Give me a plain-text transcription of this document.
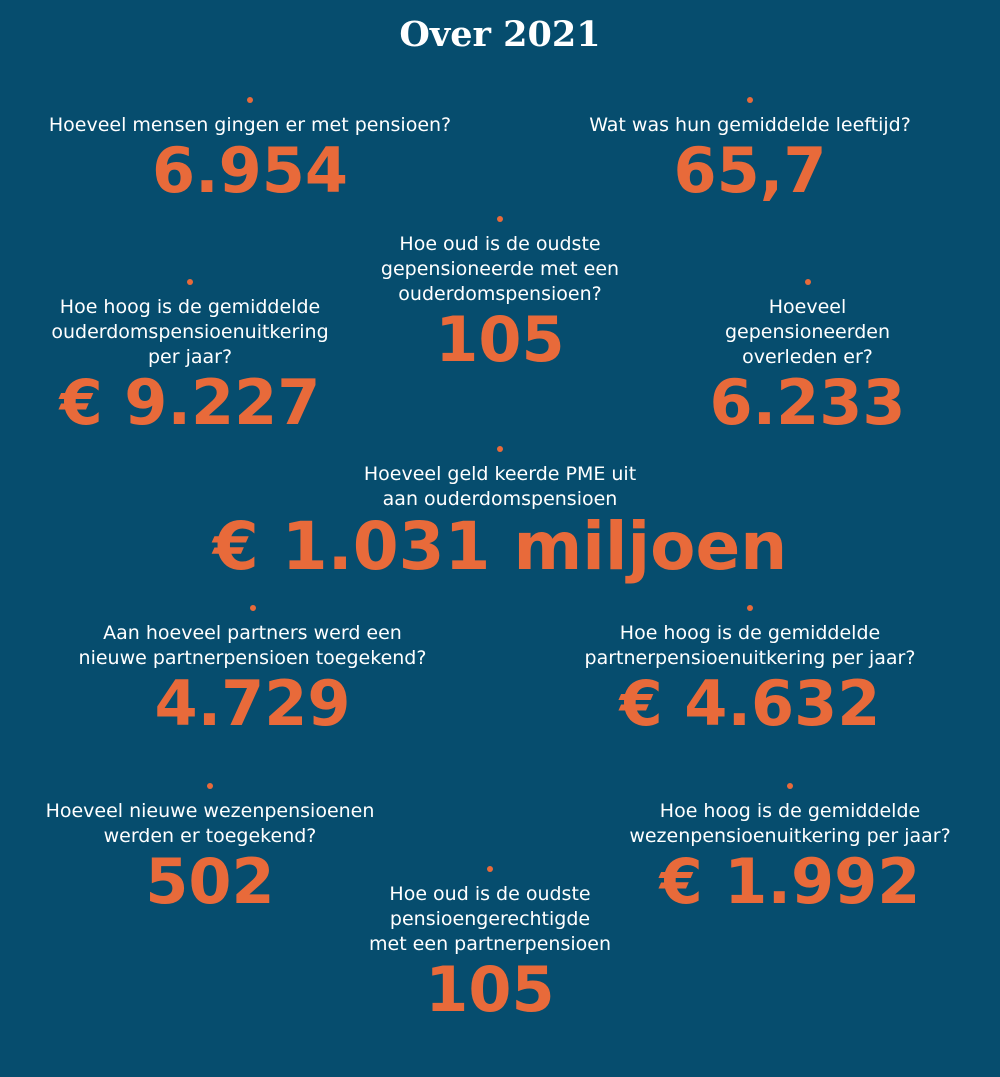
Over 2021
Hoeveel mensen gingen er met pensioen?
6.954
Wat was hun gemiddelde leeftijd?
65,7
Hoe oud is de oudste
gepensioneerde met een
ouderdomspensioen?
105
Hoe hoog is de gemiddelde
ouderdomspensioenuitkering
per jaar?
€ 9.227
Hoeveel
gepensioneerden
overleden er?
6.233
Hoeveel geld keerde PME uit
aan ouderdomspensioen
€ 1.031 miljoen
Aan hoeveel partners werd een
nieuwe partnerpensioen toegekend?
4.729
Hoe hoog is de gemiddelde
partnerpensioenuitkering per jaar?
€ 4.632
Hoeveel nieuwe wezenpensioenen
werden er toegekend?
502
Hoe hoog is de gemiddelde
wezenpensioenuitkering per jaar?
€ 1.992
Hoe oud is de oudste
pensioengerechtigde
met een partnerpensioen
105
